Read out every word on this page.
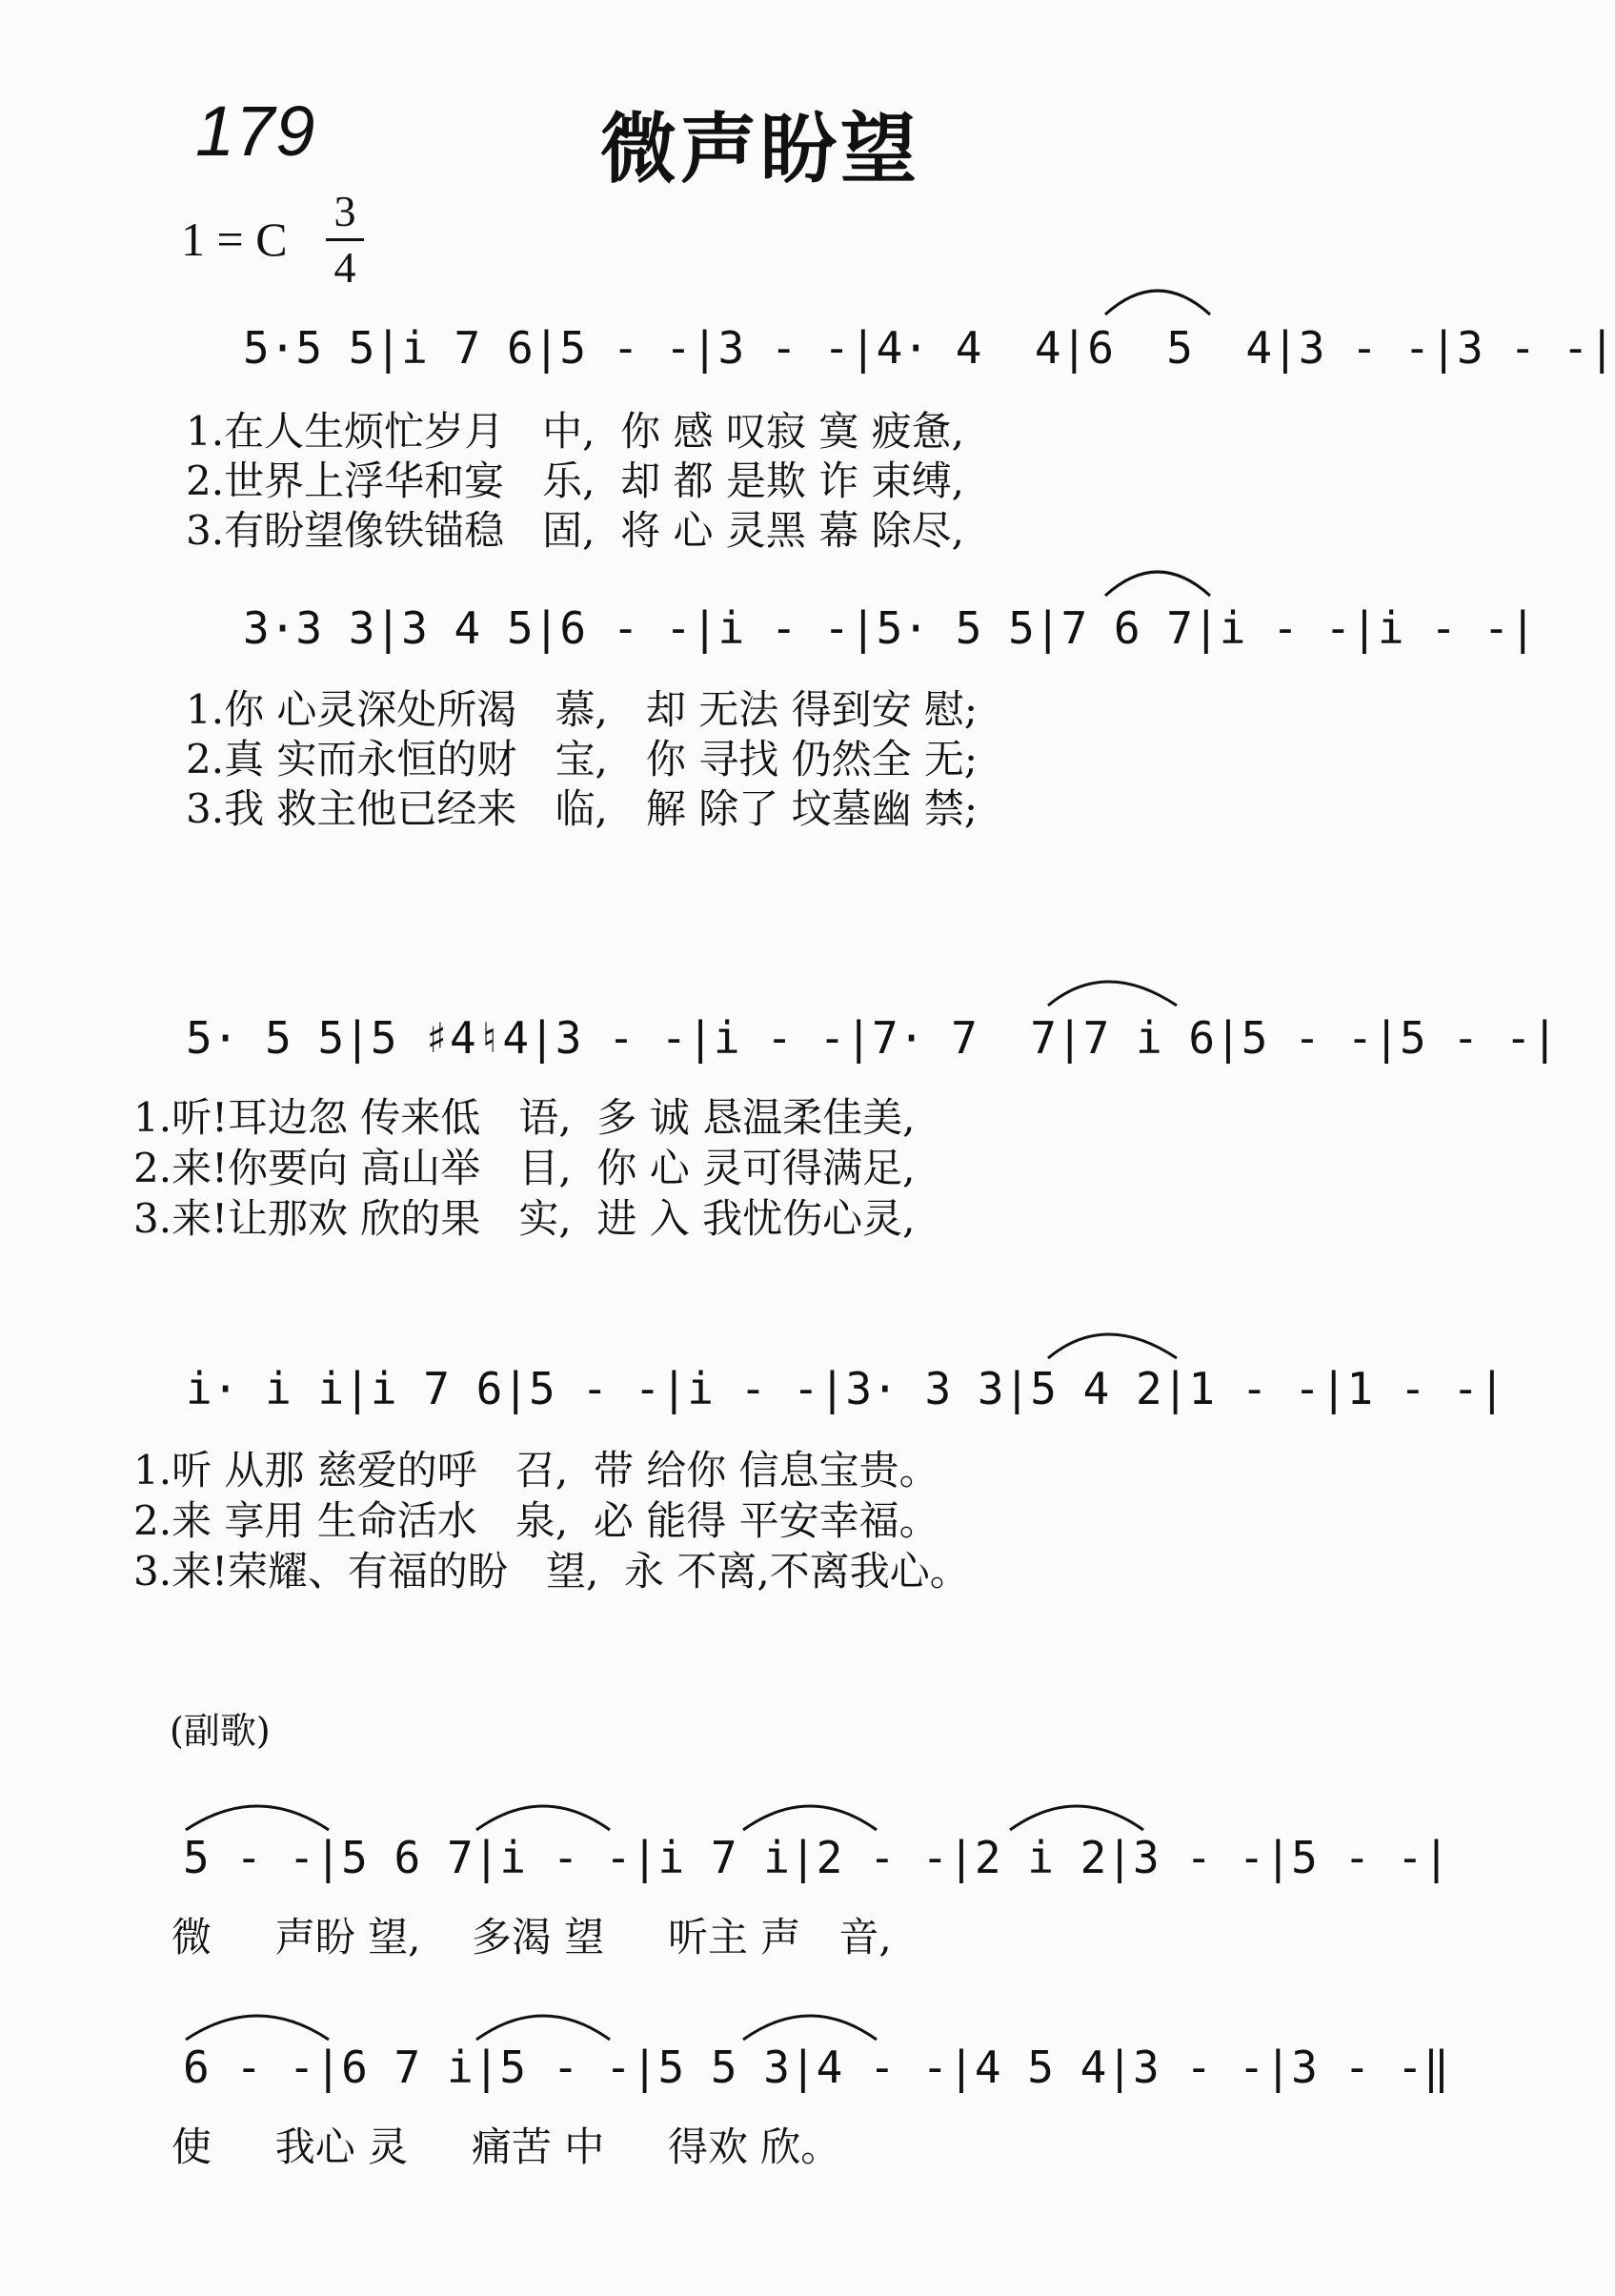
179	微声盼望
1 = C
3
4
5·5 5|i 7 6|5 - -|3 - -|4· 4  4|6  5  4|3 - -|3 - -|
1.在人生烦忙岁月   中,  你 感 叹寂 寞 疲惫,
2.世界上浮华和宴   乐,  却 都 是欺 诈 束缚,
3.有盼望像铁锚稳   固,  将 心 灵黑 幕 除尽,
3·3 3|3 4 5|6 - -|i - -|5· 5 5|7 6 7|i - -|i - -|
1.你 心灵深处所渴   慕,   却 无法 得到安 慰;
2.真 实而永恒的财   宝,   你 寻找 仍然全 无;
3.我 救主他已经来   临,   解 除了 坟墓幽 禁;
5· 5 5|5 ♯4♮4|3 - -|i - -|7· 7  7|7 i 6|5 - -|5 - -|
1.听!耳边忽 传来低   语,  多 诚 恳温柔佳美,
2.来!你要向 高山举   目,  你 心 灵可得满足,
3.来!让那欢 欣的果   实,  进 入 我忧伤心灵,
i· i i|i 7 6|5 - -|i - -|3· 3 3|5 4 2|1 - -|1 - -|
1.听 从那 慈爱的呼   召,  带 给你 信息宝贵。
2.来 享用 生命活水   泉,  必 能得 平安幸福。
3.来!荣耀、有福的盼   望,  永 不离,不离我心。
(副歌)
5 - -|5 6 7|i - -|i 7 i|2 - -|2 i 2|3 - -|5 - -|
微     声盼 望,    多渴 望     听主 声   音,
6 - -|6 7 i|5 - -|5 5 3|4 - -|4 5 4|3 - -|3 - -‖
使     我心 灵     痛苦 中     得欢 欣。
